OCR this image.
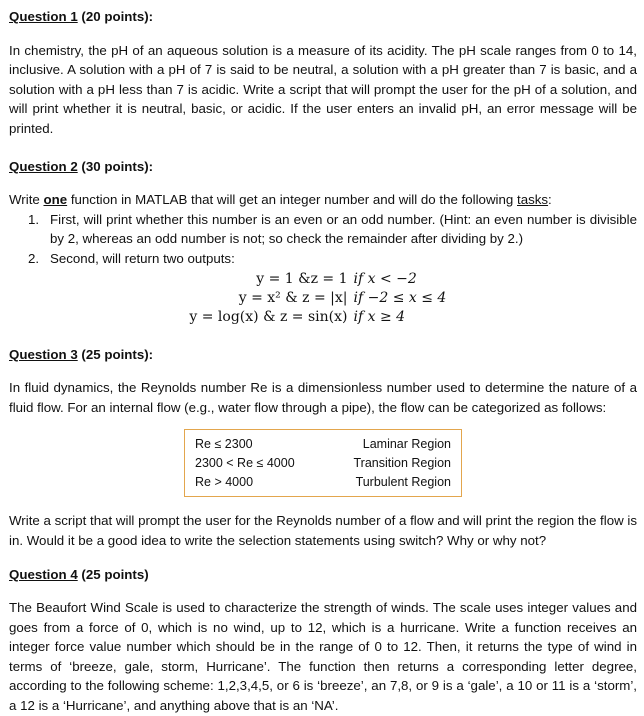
Question 1 (20 points):

In chemistry, the pH of an aqueous solution is a measure of its acidity. The pH scale ranges from 0 to 14, inclusive. A solution with a pH of 7 is said to be neutral, a solution with a pH greater than 7 is basic, and a solution with a pH less than 7 is acidic. Write a script that will prompt the user for the pH of a solution, and will print whether it is neutral, basic, or acidic. If the user enters an invalid pH, an error message will be printed.

Question 2 (30 points):

Write one function in MATLAB that will get an integer number and will do the following tasks:

1. First, will print whether this number is an even or an odd number. (Hint: an even number is divisible by 2, whereas an odd number is not; so check the remainder after dividing by 2.)
2. Second, will return two outputs:
y = 1 &z = 1 if x < −2
y = x² & z = |x| if −2 ≤ x ≤ 4
y = log(x) & z = sin(x) if x ≥ 4

Question 3 (25 points):

In fluid dynamics, the Reynolds number Re is a dimensionless number used to determine the nature of a fluid flow. For an internal flow (e.g., water flow through a pipe), the flow can be categorized as follows:

Re ≤ 2300	Laminar Region
2300 < Re ≤ 4000	Transition Region
Re > 4000	Turbulent Region

Write a script that will prompt the user for the Reynolds number of a flow and will print the region the flow is in. Would it be a good idea to write the selection statements using switch? Why or why not?

Question 4 (25 points)

The Beaufort Wind Scale is used to characterize the strength of winds. The scale uses integer values and goes from a force of 0, which is no wind, up to 12, which is a hurricane. Write a function receives an integer force value number which should be in the range of 0 to 12. Then, it returns the type of wind in terms of ‘breeze, gale, storm, Hurricane’. The function then returns a corresponding letter degree, according to the following scheme: 1,2,3,4,5, or 6 is ‘breeze’, an 7,8, or 9 is a ‘gale’, a 10 or 11 is a ‘storm’, a 12 is a ‘Hurricane’, and anything above that is an ‘NA’.
